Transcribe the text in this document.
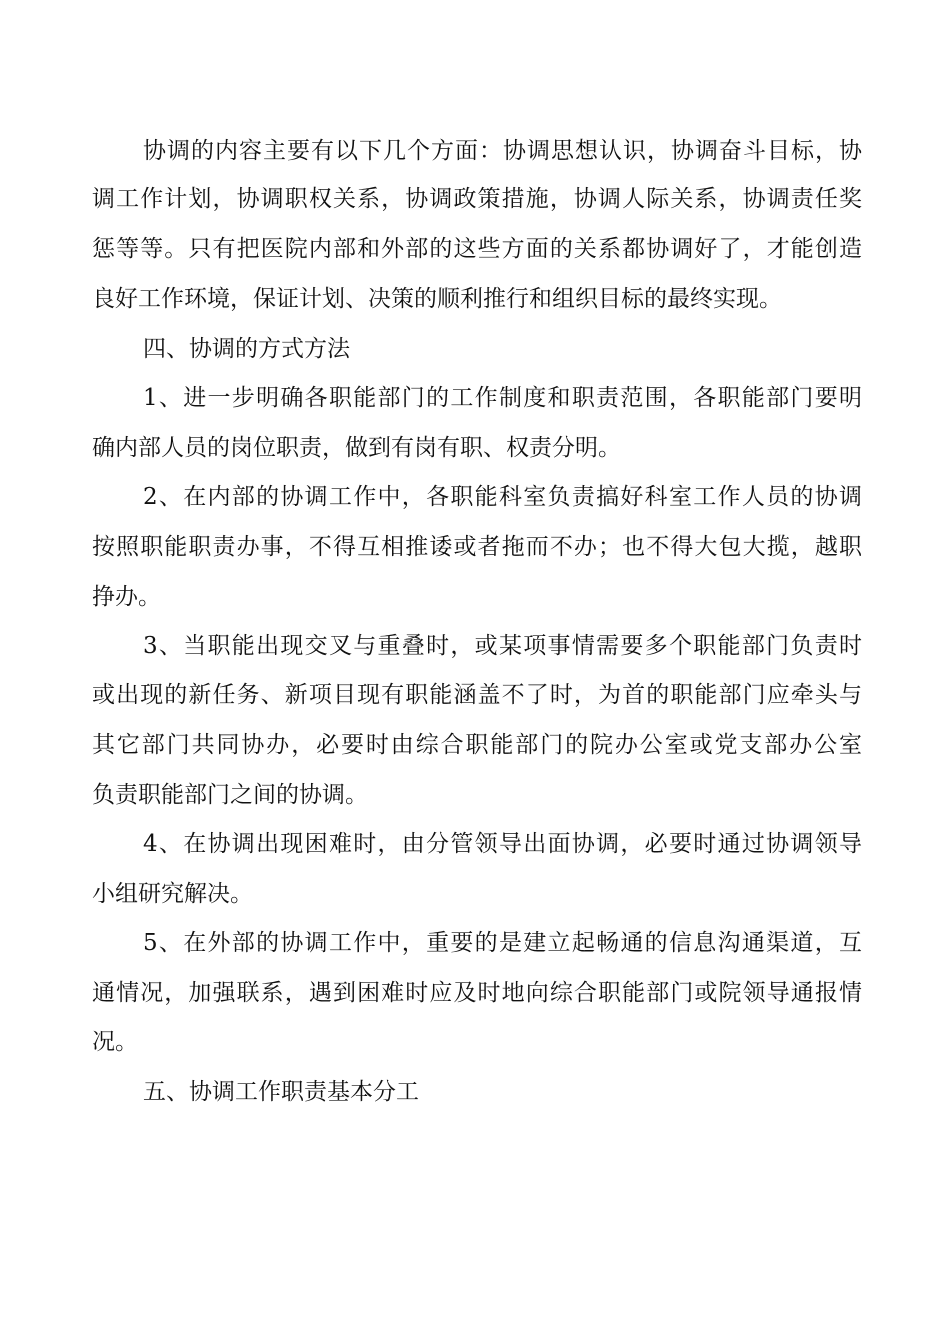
协调的内容主要有以下几个方面：协调思想认识，协调奋斗目标，协

调工作计划，协调职权关系，协调政策措施，协调人际关系，协调责任奖

惩等等。只有把医院内部和外部的这些方面的关系都协调好了，才能创造

良好工作环境，保证计划、决策的顺利推行和组织目标的最终实现。

四、协调的方式方法

1、进一步明确各职能部门的工作制度和职责范围，各职能部门要明

确内部人员的岗位职责，做到有岗有职、权责分明。

2、在内部的协调工作中，各职能科室负责搞好科室工作人员的协调

按照职能职责办事，不得互相推诿或者拖而不办；也不得大包大揽，越职

挣办。

3、当职能出现交叉与重叠时，或某项事情需要多个职能部门负责时

或出现的新任务、新项目现有职能涵盖不了时，为首的职能部门应牵头与

其它部门共同协办，必要时由综合职能部门的院办公室或党支部办公室

负责职能部门之间的协调。

4、在协调出现困难时，由分管领导出面协调，必要时通过协调领导

小组研究解决。

5、在外部的协调工作中，重要的是建立起畅通的信息沟通渠道，互

通情况，加强联系，遇到困难时应及时地向综合职能部门或院领导通报情

况。

五、协调工作职责基本分工
